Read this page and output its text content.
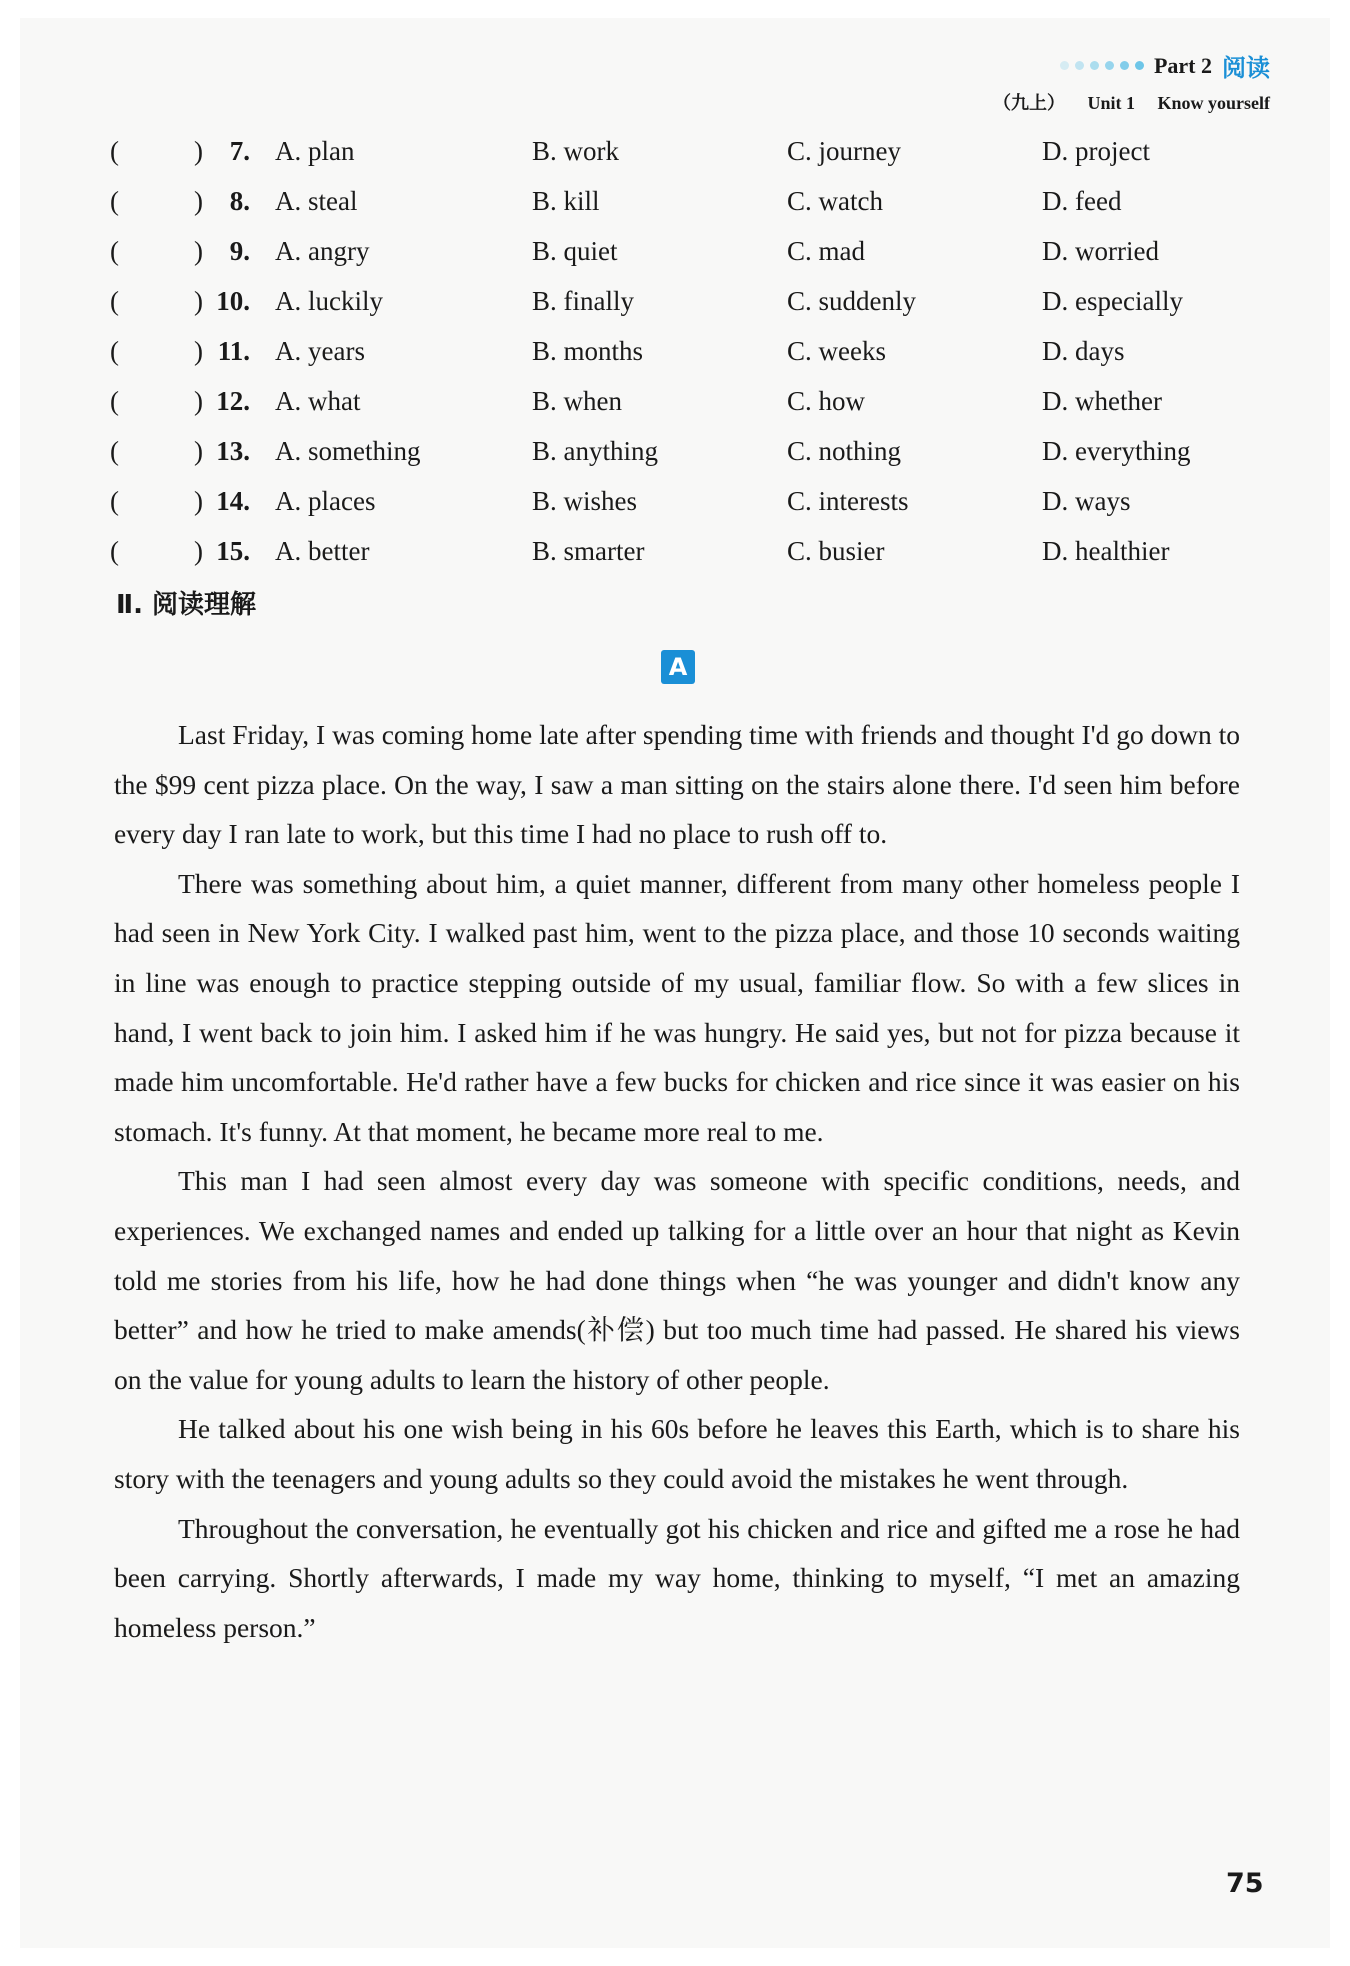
Part 2 阅读
（九上） Unit 1 Know yourself
(	) 7. A. plan	B. work	C. journey	D. project
(	) 8. A. steal	B. kill	C. watch	D. feed
(	) 9. A. angry	B. quiet	C. mad	D. worried
(	) 10. A. luckily	B. finally	C. suddenly	D. especially
(	) 11. A. years	B. months	C. weeks	D. days
(	) 12. A. what	B. when	C. how	D. whether
(	) 13. A. something	B. anything	C. nothing	D. everything
(	) 14. A. places	B. wishes	C. interests	D. ways
(	) 15. A. better	B. smarter	C. busier	D. healthier
Ⅱ. 阅读理解
A

Last Friday, I was coming home late after spending time with friends and thought I'd go down to the $99 cent pizza place. On the way, I saw a man sitting on the stairs alone there. I'd seen him before every day I ran late to work, but this time I had no place to rush off to.

There was something about him, a quiet manner, different from many other homeless people I had seen in New York City. I walked past him, went to the pizza place, and those 10 seconds waiting in line was enough to practice stepping outside of my usual, familiar flow. So with a few slices in hand, I went back to join him. I asked him if he was hungry. He said yes, but not for pizza because it made him uncomfortable. He'd rather have a few bucks for chicken and rice since it was easier on his stomach. It's funny. At that moment, he became more real to me.

This man I had seen almost every day was someone with specific conditions, needs, and experiences. We exchanged names and ended up talking for a little over an hour that night as Kevin told me stories from his life, how he had done things when “he was younger and didn't know any better” and how he tried to make amends(补偿) but too much time had passed. He shared his views on the value for young adults to learn the history of other people.

He talked about his one wish being in his 60s before he leaves this Earth, which is to share his story with the teenagers and young adults so they could avoid the mistakes he went through.

Throughout the conversation, he eventually got his chicken and rice and gifted me a rose he had been carrying. Shortly afterwards, I made my way home, thinking to myself, “I met an amazing homeless person.”

75
